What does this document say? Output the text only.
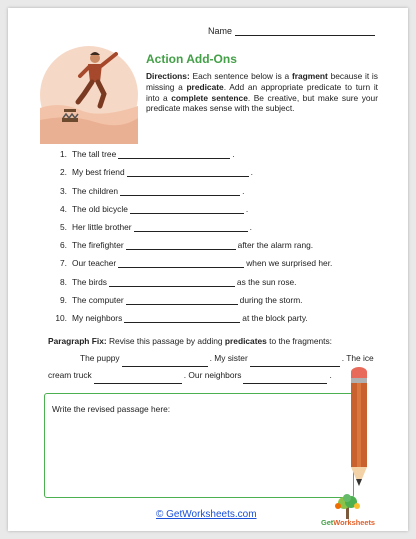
Name
Action Add-Ons
Directions: Each sentence below is a fragment because it is missing a predicate. Add an appropriate predicate to turn it into a complete sentence. Be creative, but make sure your predicate makes sense with the subject.
1. The tall tree	.
2. My best friend	.
3. The children	.
4. The old bicycle	.
5. Her little brother	.
6. The firefighter	after the alarm rang.
7. Our teacher	when we surprised her.
8. The birds	as the sun rose.
9. The computer	during the storm.
10. My neighbors	at the block party.
Paragraph Fix: Revise this passage by adding predicates to the fragments:
The puppy	. My sister	. The ice
cream truck	. Our neighbors	.
Write the revised passage here:
© GetWorksheets.com
GetWorksheets
